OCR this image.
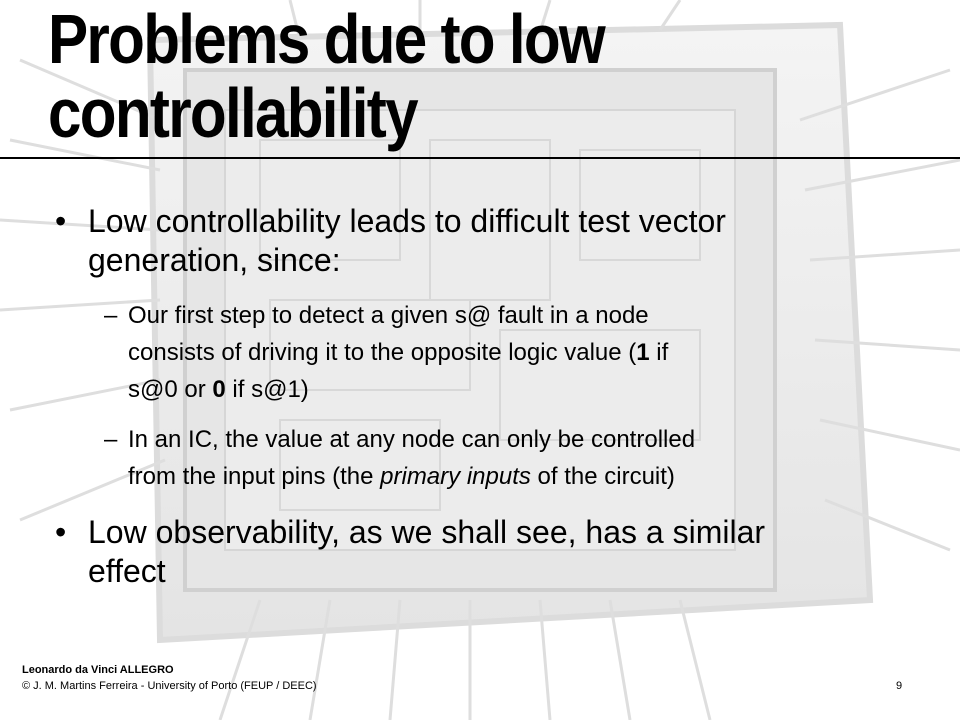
Problems due to low
controllability
• Low controllability leads to difficult test vector
generation, since:
– Our first step to detect a given s@ fault in a node
consists of driving it to the opposite logic value (1 if
s@0 or 0 if s@1)
– In an IC, the value at any node can only be controlled
from the input pins (the primary inputs of the circuit)
• Low observability, as we shall see, has a similar
effect
Leonardo da Vinci ALLEGRO
© J. M. Martins Ferreira - University of Porto (FEUP / DEEC)	9
